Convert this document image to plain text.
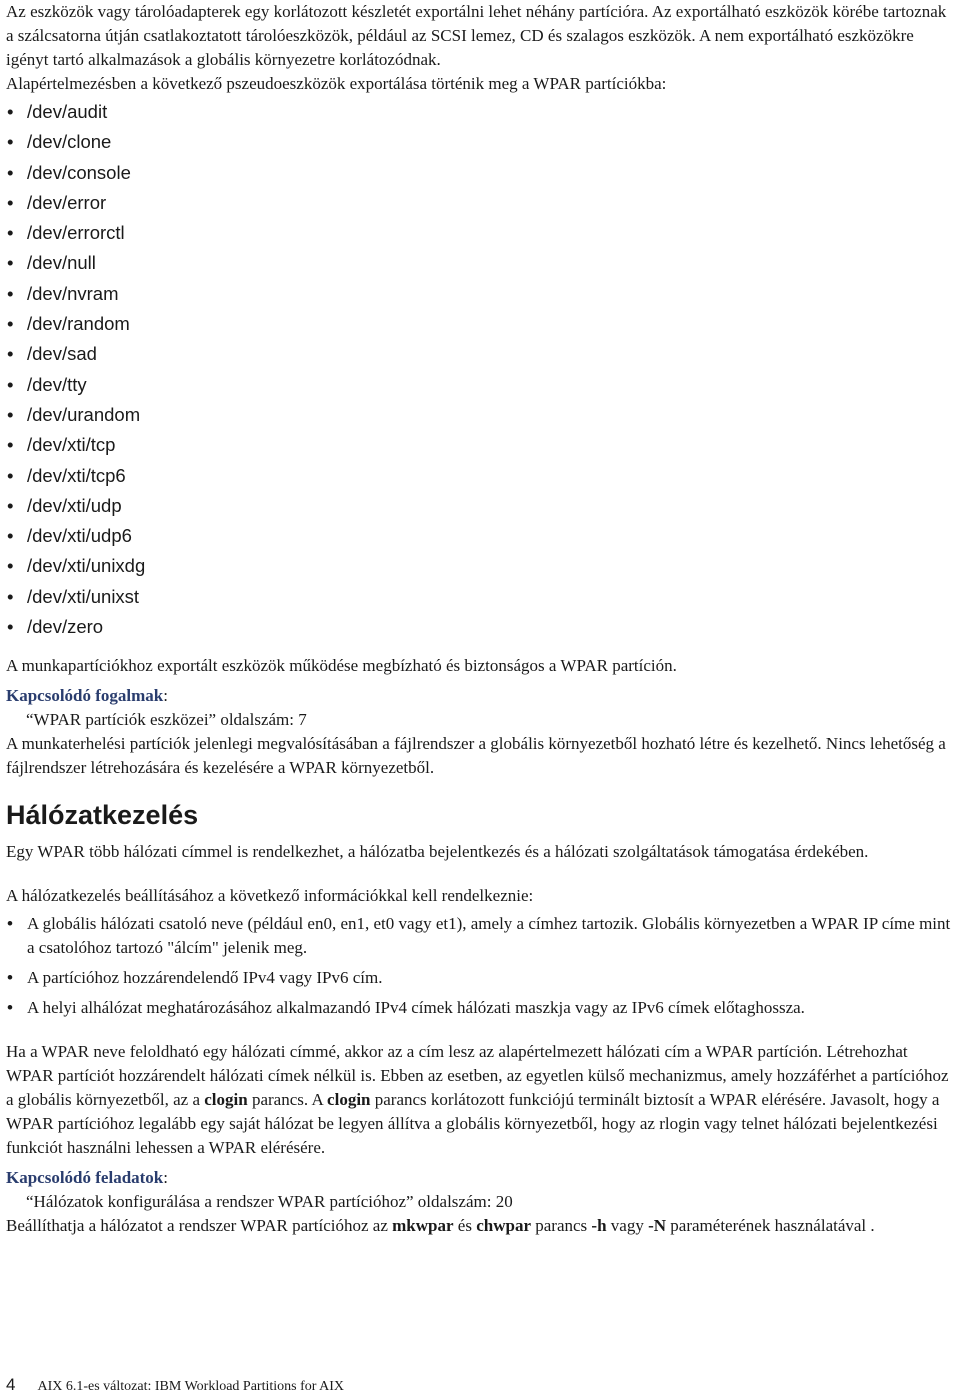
Az eszközök vagy tárolóadapterek egy korlátozott készletét exportálni lehet néhány partícióra. Az exportálható eszközök körébe tartoznak a szálcsatorna útján csatlakoztatott tárolóeszközök, például az SCSI lemez, CD és szalagos eszközök. A nem exportálható eszközökre igényt tartó alkalmazások a globális környezetre korlátozódnak.

Alapértelmezésben a következő pszeudoeszközök exportálása történik meg a WPAR partíciókba:

• /dev/audit
• /dev/clone
• /dev/console
• /dev/error
• /dev/errorctl
• /dev/null
• /dev/nvram
• /dev/random
• /dev/sad
• /dev/tty
• /dev/urandom
• /dev/xti/tcp
• /dev/xti/tcp6
• /dev/xti/udp
• /dev/xti/udp6
• /dev/xti/unixdg
• /dev/xti/unixst
• /dev/zero

A munkapartíciókhoz exportált eszközök működése megbízható és biztonságos a WPAR partíción.

Kapcsolódó fogalmak:

“WPAR partíciók eszközei” oldalszám: 7

A munkaterhelési partíciók jelenlegi megvalósításában a fájlrendszer a globális környezetből hozható létre és kezelhető. Nincs lehetőség a fájlrendszer létrehozására és kezelésére a WPAR környezetből.

Hálózatkezelés

Egy WPAR több hálózati címmel is rendelkezhet, a hálózatba bejelentkezés és a hálózati szolgáltatások támogatása érdekében.

A hálózatkezelés beállításához a következő információkkal kell rendelkeznie:

• A globális hálózati csatoló neve (például en0, en1, et0 vagy et1), amely a címhez tartozik. Globális környezetben a WPAR IP címe mint a csatolóhoz tartozó "álcím" jelenik meg.
• A partícióhoz hozzárendelendő IPv4 vagy IPv6 cím.
• A helyi alhálózat meghatározásához alkalmazandó IPv4 címek hálózati maszkja vagy az IPv6 címek előtaghossza.

Ha a WPAR neve feloldható egy hálózati címmé, akkor az a cím lesz az alapértelmezett hálózati cím a WPAR partíción. Létrehozhat WPAR partíciót hozzárendelt hálózati címek nélkül is. Ebben az esetben, az egyetlen külső mechanizmus, amely hozzáférhet a partícióhoz a globális környezetből, az a clogin parancs. A clogin parancs korlátozott funkciójú terminált biztosít a WPAR elérésére. Javasolt, hogy a WPAR partícióhoz legalább egy saját hálózat be legyen állítva a globális környezetből, hogy az rlogin vagy telnet hálózati bejelentkezési funkciót használni lehessen a WPAR elérésére.

Kapcsolódó feladatok:

“Hálózatok konfigurálása a rendszer WPAR partícióhoz” oldalszám: 20

Beállíthatja a hálózatot a rendszer WPAR partícióhoz az mkwpar és chwpar parancs -h vagy -N paraméterének használatával .

4 AIX 6.1-es változat: IBM Workload Partitions for AIX
